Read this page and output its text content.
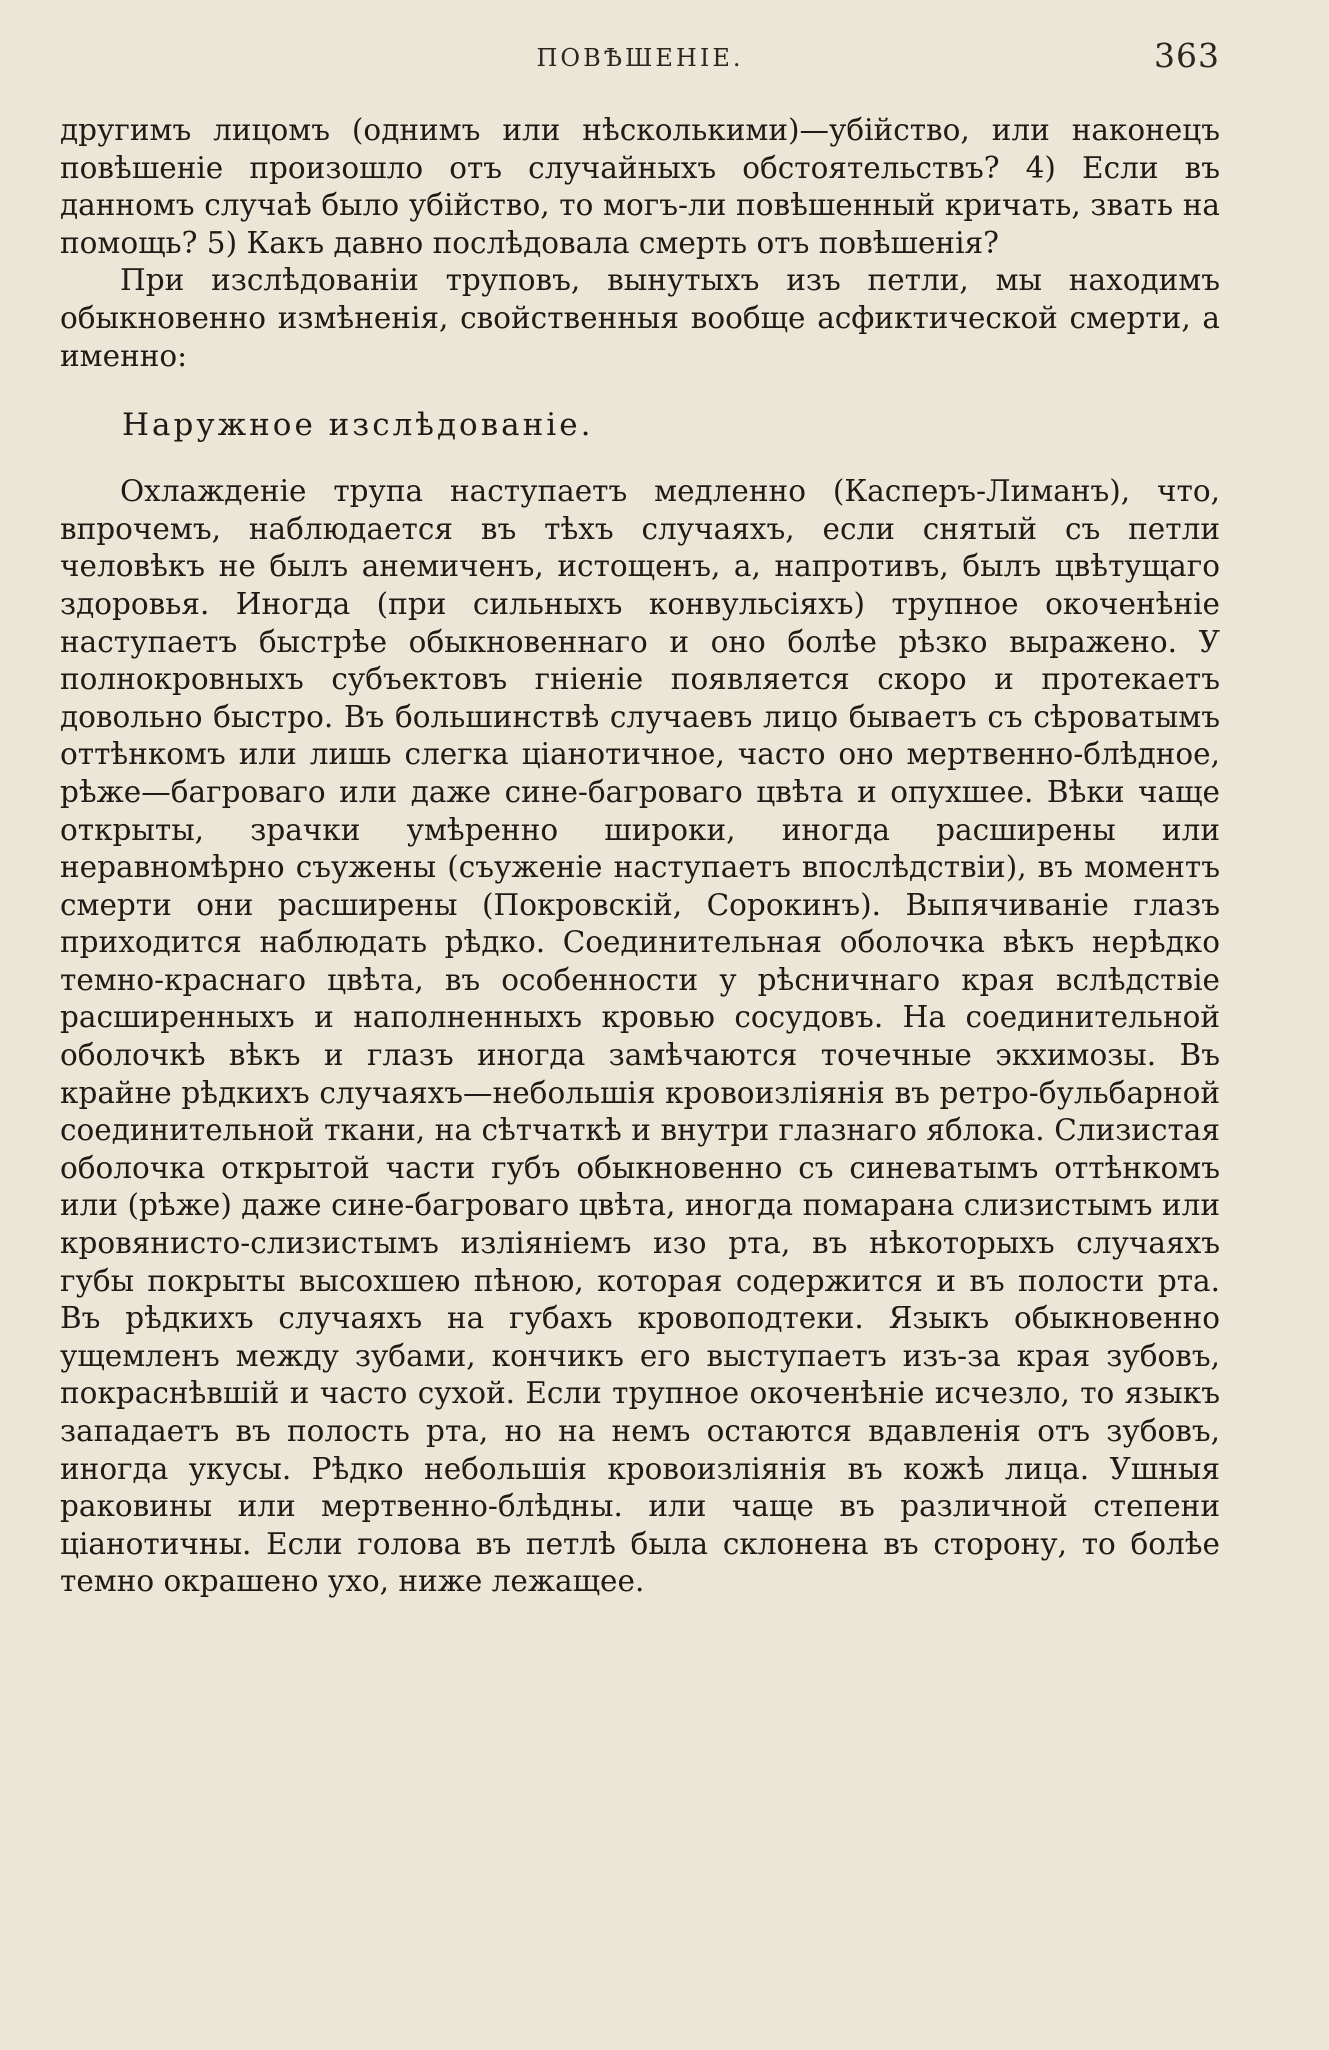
ПОВѢШЕНІЕ.	363

другимъ лицомъ (однимъ или нѣсколькими)—убійство, или наконецъ повѣшеніе произошло отъ случайныхъ обстоятельствъ? 4) Если въ данномъ случаѣ было убійство, то могъ-ли повѣшенный кричать, звать на помощь? 5) Какъ давно послѣдовала смерть отъ повѣшенія?

При изслѣдованіи труповъ, вынутыхъ изъ петли, мы находимъ обыкновенно измѣненія, свойственныя вообще асфиктической смерти, а именно:

Наружное изслѣдованіе.

Охлажденіе трупа наступаетъ медленно (Касперъ-Лиманъ), что, впрочемъ, наблюдается въ тѣхъ случаяхъ, если снятый съ петли человѣкъ не былъ анемиченъ, истощенъ, а, напротивъ, былъ цвѣтущаго здоровья. Иногда (при сильныхъ конвульсіяхъ) трупное окоченѣніе наступаетъ быстрѣе обыкновеннаго и оно болѣе рѣзко выражено. У полнокровныхъ субъектовъ гніеніе появляется скоро и протекаетъ довольно быстро. Въ большинствѣ случаевъ лицо бываетъ съ сѣроватымъ оттѣнкомъ или лишь слегка ціанотичное, часто оно мертвенно-блѣдное, рѣже—багроваго или даже сине-багроваго цвѣта и опухшее. Вѣки чаще открыты, зрачки умѣренно широки, иногда расширены или неравномѣрно съужены (съуженіе наступаетъ впослѣдствіи), въ моментъ смерти они расширены (Покровскій, Сорокинъ). Выпячиваніе глазъ приходится наблюдать рѣдко. Соединительная оболочка вѣкъ нерѣдко темно-краснаго цвѣта, въ особенности у рѣсничнаго края вслѣдствіе расширенныхъ и наполненныхъ кровью сосудовъ. На соединительной оболочкѣ вѣкъ и глазъ иногда замѣчаются точечные экхимозы. Въ крайне рѣдкихъ случаяхъ—небольшія кровоизліянія въ ретро-бульбарной соединительной ткани, на сѣтчаткѣ и внутри глазнаго яблока. Слизистая оболочка открытой части губъ обыкновенно съ синеватымъ оттѣнкомъ или (рѣже) даже сине-багроваго цвѣта, иногда помарана слизистымъ или кровянисто-слизистымъ изліяніемъ изо рта, въ нѣкоторыхъ случаяхъ губы покрыты высохшею пѣною, которая содержится и въ полости рта. Въ рѣдкихъ случаяхъ на губахъ кровоподтеки. Языкъ обыкновенно ущемленъ между зубами, кончикъ его выступаетъ изъ-за края зубовъ, покраснѣвшій и часто сухой. Если трупное окоченѣніе исчезло, то языкъ западаетъ въ полость рта, но на немъ остаются вдавленія отъ зубовъ, иногда укусы. Рѣдко небольшія кровоизліянія въ кожѣ лица. Ушныя раковины или мертвенно-блѣдны. или чаще въ различной степени ціанотичны. Если голова въ петлѣ была склонена въ сторону, то болѣе темно окрашено ухо, ниже лежащее.
